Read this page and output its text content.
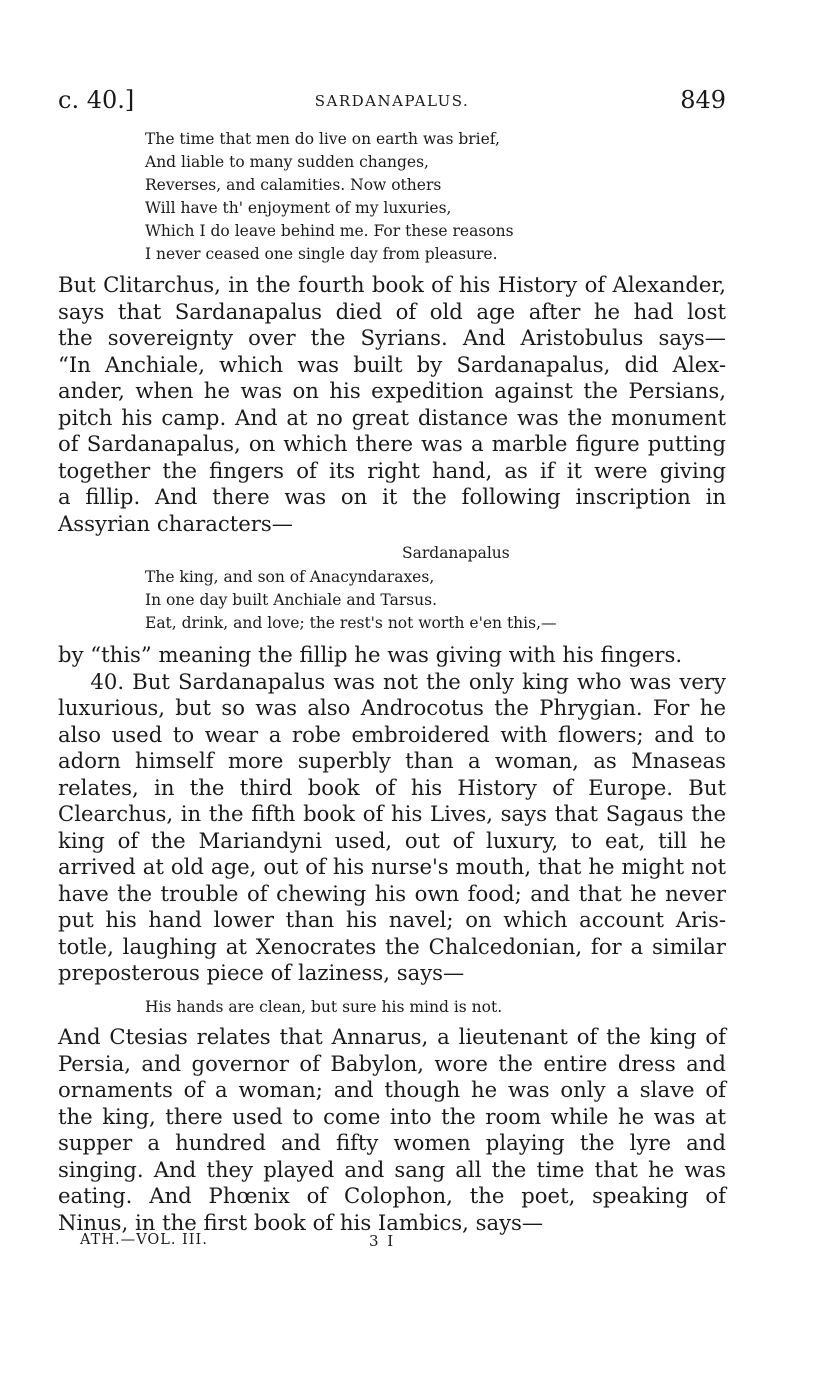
c. 40.]	SARDANAPALUS.	849
The time that men do live on earth was brief,
And liable to many sudden changes,
Reverses, and calamities. Now others
Will have th' enjoyment of my luxuries,
Which I do leave behind me. For these reasons
I never ceased one single day from pleasure.
But Clitarchus, in the fourth book of his History of Alexander,
says that Sardanapalus died of old age after he had lost
the sovereignty over the Syrians. And Aristobulus says—
“In Anchiale, which was built by Sardanapalus, did Alex-
ander, when he was on his expedition against the Persians,
pitch his camp. And at no great distance was the monument
of Sardanapalus, on which there was a marble figure putting
together the fingers of its right hand, as if it were giving
a fillip. And there was on it the following inscription in
Assyrian characters—
Sardanapalus
The king, and son of Anacyndaraxes,
In one day built Anchiale and Tarsus.
Eat, drink, and love; the rest's not worth e'en this,—
by “this” meaning the fillip he was giving with his fingers.
40. But Sardanapalus was not the only king who was very
luxurious, but so was also Androcotus the Phrygian. For he
also used to wear a robe embroidered with flowers; and to
adorn himself more superbly than a woman, as Mnaseas
relates, in the third book of his History of Europe. But
Clearchus, in the fifth book of his Lives, says that Sagaus the
king of the Mariandyni used, out of luxury, to eat, till he
arrived at old age, out of his nurse's mouth, that he might not
have the trouble of chewing his own food; and that he never
put his hand lower than his navel; on which account Aris-
totle, laughing at Xenocrates the Chalcedonian, for a similar
preposterous piece of laziness, says—
His hands are clean, but sure his mind is not.
And Ctesias relates that Annarus, a lieutenant of the king of
Persia, and governor of Babylon, wore the entire dress and
ornaments of a woman; and though he was only a slave of
the king, there used to come into the room while he was at
supper a hundred and fifty women playing the lyre and
singing. And they played and sang all the time that he was
eating. And Phœnix of Colophon, the poet, speaking of
Ninus, in the first book of his Iambics, says—
ATH.—VOL. III.	3 I
